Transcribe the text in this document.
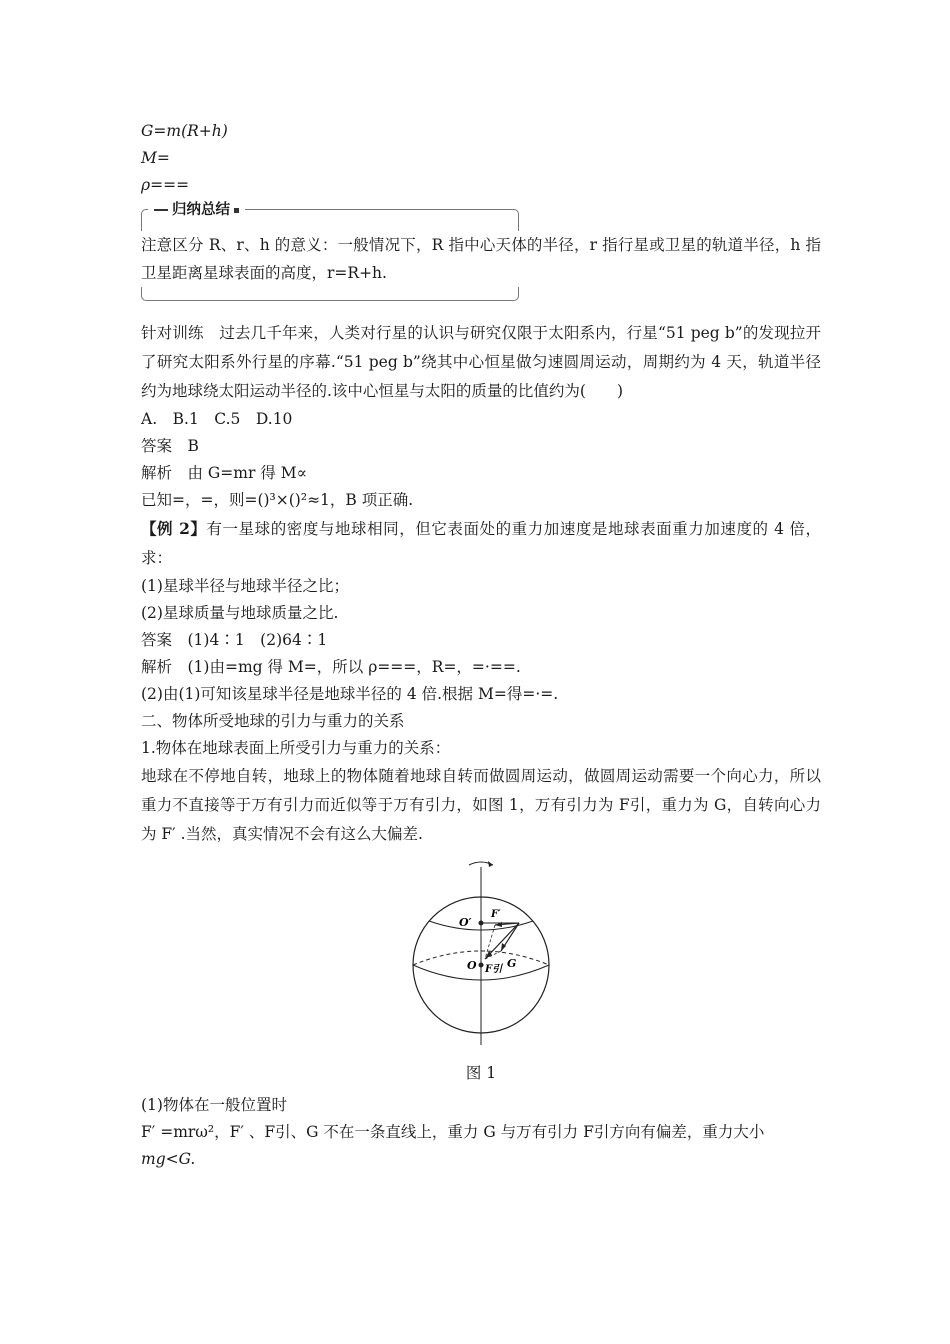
G=m(R+h)
M=
ρ===
归纳总结
注意区分 R、r、h 的意义：一般情况下，R 指中心天体的半径，r 指行星或卫星的轨道半径，h 指卫星距离星球表面的高度，r=R+h.
针对训练　过去几千年来，人类对行星的认识与研究仅限于太阳系内，行星“51 peg b”的发现拉开了研究太阳系外行星的序幕.“51 peg b”绕其中心恒星做匀速圆周运动，周期约为 4 天，轨道半径约为地球绕太阳运动半径的.该中心恒星与太阳的质量的比值约为(　　)
A.　B.1　C.5　D.10
答案　B
解析　由 G=mr 得 M∝
已知=，=，则=()³×()²≈1，B 项正确.
【例 2】有一星球的密度与地球相同，但它表面处的重力加速度是地球表面重力加速度的 4 倍，求：
(1)星球半径与地球半径之比；
(2)星球质量与地球质量之比.
答案　(1)4∶1　(2)64∶1
解析　(1)由=mg 得 M=，所以 ρ===，R=，=·==.
(2)由(1)可知该星球半径是地球半径的 4 倍.根据 M=得=·=.
二、物体所受地球的引力与重力的关系
1.物体在地球表面上所受引力与重力的关系：
地球在不停地自转，地球上的物体随着地球自转而做圆周运动，做圆周运动需要一个向心力，所以重力不直接等于万有引力而近似等于万有引力，如图 1，万有引力为 F引，重力为 G，自转向心力为 F′ .当然，真实情况不会有这么大偏差.
O′
O
F′
F引 G
图 1
(1)物体在一般位置时
F′ =mrω²，F′ 、F引、G 不在一条直线上，重力 G 与万有引力 F引方向有偏差，重力大小
mg<G.
